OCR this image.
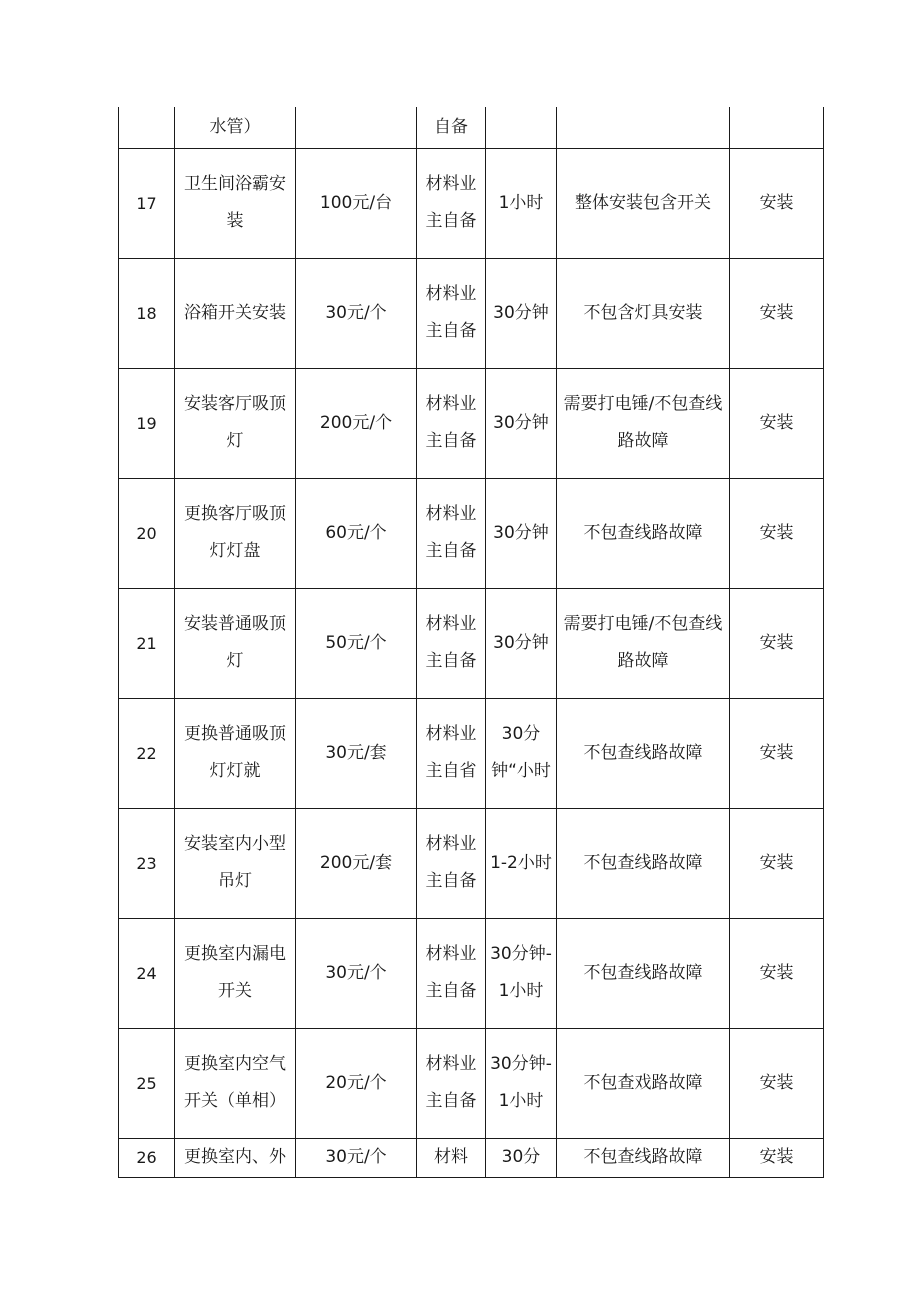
	水管）		自备			

17	卫生间浴霸安装	100元/台	材料业主自备	1小时	整体安装包含开关	安装

18	浴箱开关安装	30元/个	材料业主自备	30分钟	不包含灯具安装	安装

19	安装客厅吸顶灯	200元/个	材料业主自备	30分钟	需要打电锤/不包查线路故障	安装

20	更换客厅吸顶灯灯盘	60元/个	材料业主自备	30分钟	不包查线路故障	安装

21	安装普通吸顶灯	50元/个	材料业主自备	30分钟	需要打电锤/不包查线路故障	安装

22	更换普通吸顶灯灯就	30元/套	材料业主自省	30分钟“小时	不包查线路故障	安装

23	安装室内小型吊灯	200元/套	材料业主自备	1-2小时	不包查线路故障	安装

24	更换室内漏电开关	30元/个	材料业主自备	30分钟-1小时	不包查线路故障	安装

25	更换室内空气开关（单相）	20元/个	材料业主自备	30分钟-1小时	不包查戏路故障	安装

26	更换室内、外	30元/个	材料	30分	不包查线路故障	安装
